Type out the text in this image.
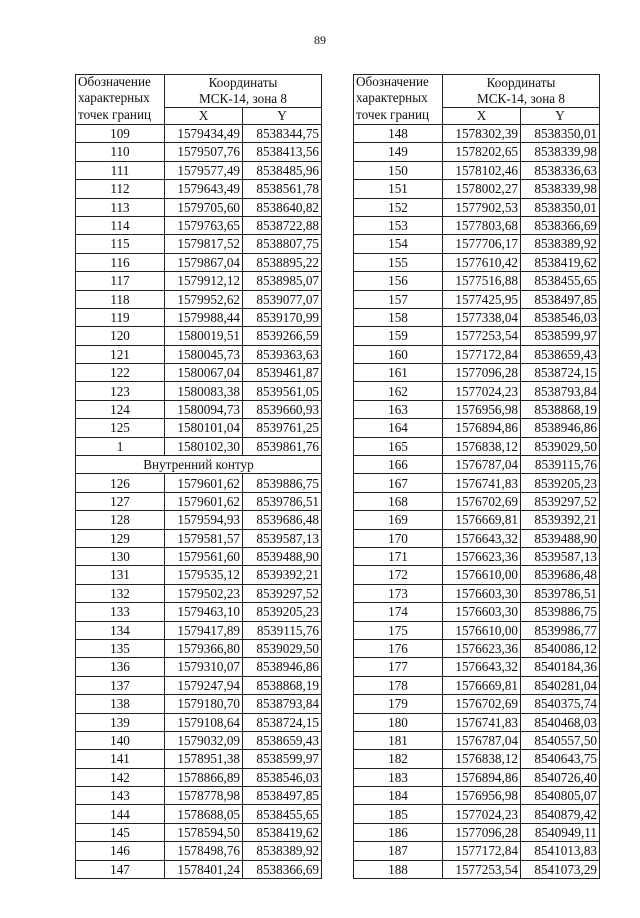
89
Обозначение	Координаты	
характерных	МСК-14, зона 8	
точек границ	X	Y
109	1579434,49	8538344,75
110	1579507,76	8538413,56
111	1579577,49	8538485,96
112	1579643,49	8538561,78
113	1579705,60	8538640,82
114	1579763,65	8538722,88
115	1579817,52	8538807,75
116	1579867,04	8538895,22
117	1579912,12	8538985,07
118	1579952,62	8539077,07
119	1579988,44	8539170,99
120	1580019,51	8539266,59
121	1580045,73	8539363,63
122	1580067,04	8539461,87
123	1580083,38	8539561,05
124	1580094,73	8539660,93
125	1580101,04	8539761,25
1	1580102,30	8539861,76
Внутренний контур		
126	1579601,62	8539886,75
127	1579601,62	8539786,51
128	1579594,93	8539686,48
129	1579581,57	8539587,13
130	1579561,60	8539488,90
131	1579535,12	8539392,21
132	1579502,23	8539297,52
133	1579463,10	8539205,23
134	1579417,89	8539115,76
135	1579366,80	8539029,50
136	1579310,07	8538946,86
137	1579247,94	8538868,19
138	1579180,70	8538793,84
139	1579108,64	8538724,15
140	1579032,09	8538659,43
141	1578951,38	8538599,97
142	1578866,89	8538546,03
143	1578778,98	8538497,85
144	1578688,05	8538455,65
145	1578594,50	8538419,62
146	1578498,76	8538389,92
147	1578401,24	8538366,69
Обозначение	Координаты	
характерных	МСК-14, зона 8	
точек границ	X	Y
148	1578302,39	8538350,01
149	1578202,65	8538339,98
150	1578102,46	8538336,63
151	1578002,27	8538339,98
152	1577902,53	8538350,01
153	1577803,68	8538366,69
154	1577706,17	8538389,92
155	1577610,42	8538419,62
156	1577516,88	8538455,65
157	1577425,95	8538497,85
158	1577338,04	8538546,03
159	1577253,54	8538599,97
160	1577172,84	8538659,43
161	1577096,28	8538724,15
162	1577024,23	8538793,84
163	1576956,98	8538868,19
164	1576894,86	8538946,86
165	1576838,12	8539029,50
166	1576787,04	8539115,76
167	1576741,83	8539205,23
168	1576702,69	8539297,52
169	1576669,81	8539392,21
170	1576643,32	8539488,90
171	1576623,36	8539587,13
172	1576610,00	8539686,48
173	1576603,30	8539786,51
174	1576603,30	8539886,75
175	1576610,00	8539986,77
176	1576623,36	8540086,12
177	1576643,32	8540184,36
178	1576669,81	8540281,04
179	1576702,69	8540375,74
180	1576741,83	8540468,03
181	1576787,04	8540557,50
182	1576838,12	8540643,75
183	1576894,86	8540726,40
184	1576956,98	8540805,07
185	1577024,23	8540879,42
186	1577096,28	8540949,11
187	1577172,84	8541013,83
188	1577253,54	8541073,29
